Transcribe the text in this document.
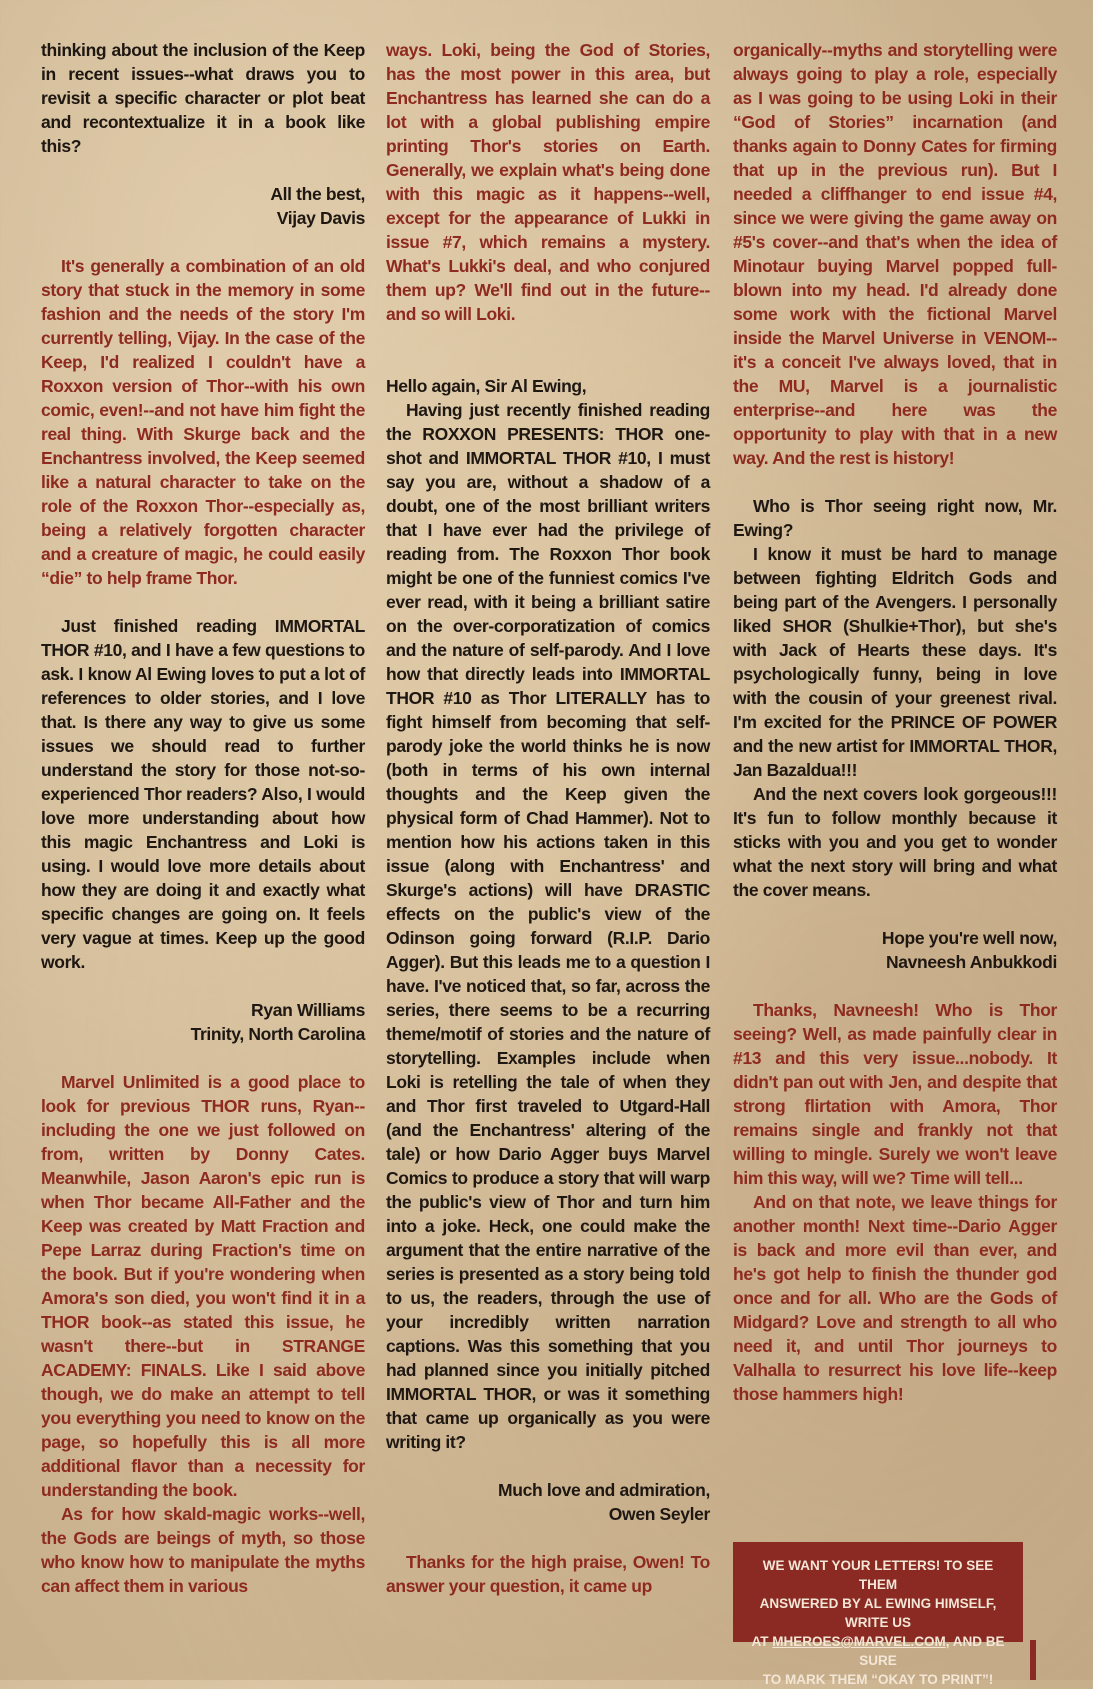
thinking about the inclusion of the Keep in recent issues--what draws you to revisit a specific character or plot beat and recontextualize it in a book like this?

All the best,

Vijay Davis

It's generally a combination of an old story that stuck in the memory in some fashion and the needs of the story I'm currently telling, Vijay. In the case of the Keep, I'd realized I couldn't have a Roxxon version of Thor--with his own comic, even!--and not have him fight the real thing. With Skurge back and the Enchantress involved, the Keep seemed like a natural character to take on the role of the Roxxon Thor--especially as, being a relatively forgotten character and a creature of magic, he could easily “die” to help frame Thor.

Just finished reading IMMORTAL THOR #10, and I have a few questions to ask. I know Al Ewing loves to put a lot of references to older stories, and I love that. Is there any way to give us some issues we should read to further understand the story for those not-so-experienced Thor readers? Also, I would love more understanding about how this magic Enchantress and Loki is using. I would love more details about how they are doing it and exactly what specific changes are going on. It feels very vague at times. Keep up the good work.

Ryan Williams

Trinity, North Carolina

Marvel Unlimited is a good place to look for previous THOR runs, Ryan--including the one we just followed on from, written by Donny Cates. Meanwhile, Jason Aaron's epic run is when Thor became All-Father and the Keep was created by Matt Fraction and Pepe Larraz during Fraction's time on the book. But if you're wondering when Amora's son died, you won't find it in a THOR book--as stated this issue, he wasn't there--but in STRANGE ACADEMY: FINALS. Like I said above though, we do make an attempt to tell you everything you need to know on the page, so hopefully this is all more additional flavor than a necessity for understanding the book.

As for how skald-magic works--well, the Gods are beings of myth, so those who know how to manipulate the myths can affect them in various

ways. Loki, being the God of Stories, has the most power in this area, but Enchantress has learned she can do a lot with a global publishing empire printing Thor's stories on Earth. Generally, we explain what's being done with this magic as it happens--well, except for the appearance of Lukki in issue #7, which remains a mystery. What's Lukki's deal, and who conjured them up? We'll find out in the future--and so will Loki.

Hello again, Sir Al Ewing,

Having just recently finished reading the ROXXON PRESENTS: THOR one-shot and IMMORTAL THOR #10, I must say you are, without a shadow of a doubt, one of the most brilliant writers that I have ever had the privilege of reading from. The Roxxon Thor book might be one of the funniest comics I've ever read, with it being a brilliant satire on the over-corporatization of comics and the nature of self-parody. And I love how that directly leads into IMMORTAL THOR #10 as Thor LITERALLY has to fight himself from becoming that self-parody joke the world thinks he is now (both in terms of his own internal thoughts and the Keep given the physical form of Chad Hammer). Not to mention how his actions taken in this issue (along with Enchantress' and Skurge's actions) will have DRASTIC effects on the public's view of the Odinson going forward (R.I.P. Dario Agger). But this leads me to a question I have. I've noticed that, so far, across the series, there seems to be a recurring theme/motif of stories and the nature of storytelling. Examples include when Loki is retelling the tale of when they and Thor first traveled to Utgard-Hall (and the Enchantress' altering of the tale) or how Dario Agger buys Marvel Comics to produce a story that will warp the public's view of Thor and turn him into a joke. Heck, one could make the argument that the entire narrative of the series is presented as a story being told to us, the readers, through the use of your incredibly written narration captions. Was this something that you had planned since you initially pitched IMMORTAL THOR, or was it something that came up organically as you were writing it?

Much love and admiration,

Owen Seyler

Thanks for the high praise, Owen! To answer your question, it came up

organically--myths and storytelling were always going to play a role, especially as I was going to be using Loki in their “God of Stories” incarnation (and thanks again to Donny Cates for firming that up in the previous run). But I needed a cliffhanger to end issue #4, since we were giving the game away on #5's cover--and that's when the idea of Minotaur buying Marvel popped full-blown into my head. I'd already done some work with the fictional Marvel inside the Marvel Universe in VENOM--it's a conceit I've always loved, that in the MU, Marvel is a journalistic enterprise--and here was the opportunity to play with that in a new way. And the rest is history!

Who is Thor seeing right now, Mr. Ewing?

I know it must be hard to manage between fighting Eldritch Gods and being part of the Avengers. I personally liked SHOR (Shulkie+Thor), but she's with Jack of Hearts these days. It's psychologically funny, being in love with the cousin of your greenest rival. I'm excited for the PRINCE OF POWER and the new artist for IMMORTAL THOR, Jan Bazaldua!!!

And the next covers look gorgeous!!! It's fun to follow monthly because it sticks with you and you get to wonder what the next story will bring and what the cover means.

Hope you're well now,

Navneesh Anbukkodi

Thanks, Navneesh! Who is Thor seeing? Well, as made painfully clear in #13 and this very issue...nobody. It didn't pan out with Jen, and despite that strong flirtation with Amora, Thor remains single and frankly not that willing to mingle. Surely we won't leave him this way, will we? Time will tell...

And on that note, we leave things for another month! Next time--Dario Agger is back and more evil than ever, and he's got help to finish the thunder god once and for all. Who are the Gods of Midgard? Love and strength to all who need it, and until Thor journeys to Valhalla to resurrect his love life--keep those hammers high!

WE WANT YOUR LETTERS! TO SEE THEM
ANSWERED BY AL EWING HIMSELF, WRITE US
AT MHEROES@MARVEL.COM, AND BE SURE
TO MARK THEM “OKAY TO PRINT”!
